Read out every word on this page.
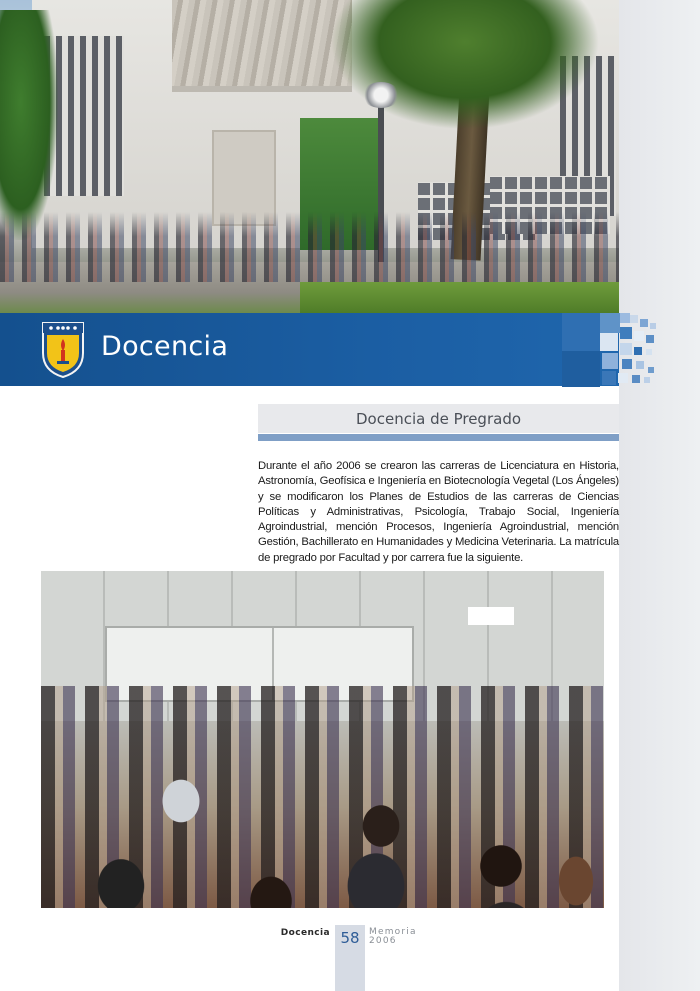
Docencia
Docencia de Pregrado

Durante el año 2006 se crearon las carreras de Licenciatura en Historia, Astronomía, Geofísica e Ingeniería en Biotecnología Vegetal (Los Ángeles) y se modificaron los Planes de Estudios de las carreras de Ciencias Políticas y Administrativas, Psicología, Trabajo Social, Ingeniería Agroindustrial, mención Procesos, Ingeniería Agroindustrial, mención Gestión, Bachillerato en Humanidades y Medicina Veterinaria. La matrícula de pregrado por Facultad y por carrera fue la siguiente.

Docencia 58	Memoria
2006
